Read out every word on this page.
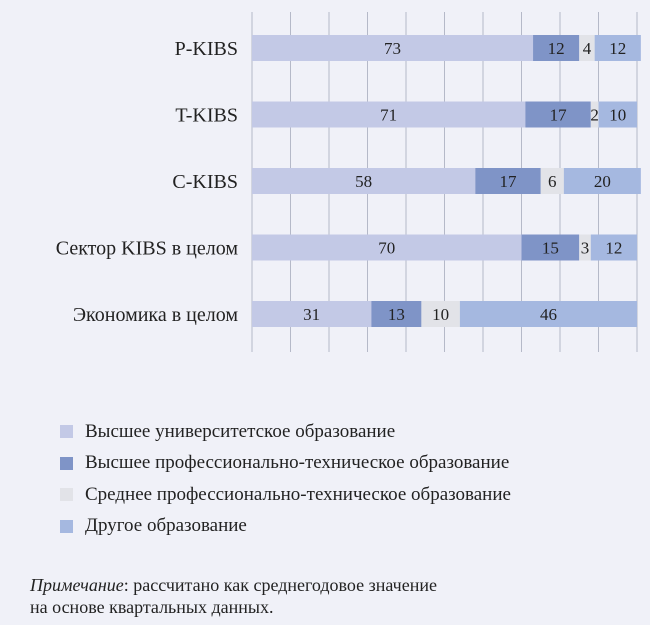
P-KIBS
T-KIBS
C-KIBS
Сектор KIBS в целом
Экономика в целом
73	12 4 12
71	17 2 10
58	17 6 20
70	15 3 12
31	13 10	46
Высшее университетское образование
Высшее профессионально-техническое образование
Среднее профессионально-техническое образование
Другое образование
Примечание: рассчитано как среднегодовое значение
на основе квартальных данных.
